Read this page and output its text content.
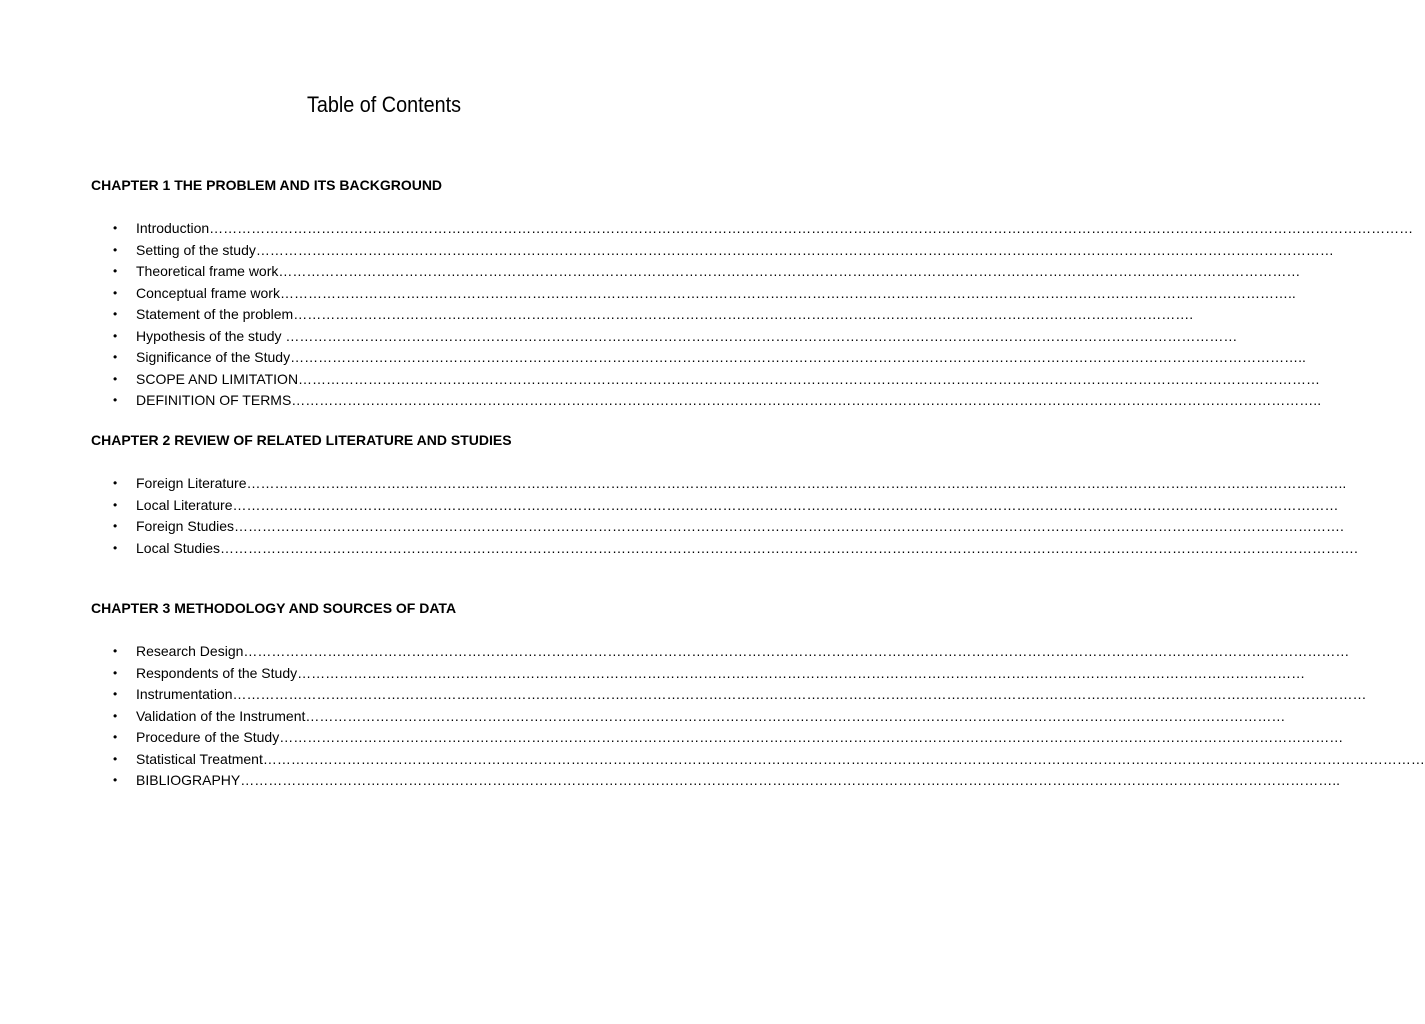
Table of Contents
CHAPTER 1 THE PROBLEM AND ITS BACKGROUND
• Introduction……………………………………………………………………………………………………………………………………………………………………………………………………………………………………
• Setting of the study……………………………………………………………………………………………………………………………………………………………………………………………………………
• Theoretical frame work…………………………………………………………………………………………………………………………………………………………………………………………………
• Conceptual frame work………………………………………………………………………………………………………………………………………………………………………………………………..
• Statement of the problem………………………………………………………………………………………………………………………………………………………………………….
• Hypothesis of the study ……………………………………………………………………………………………………………………………………………………………………………………
• Significance of the Study………………………………………………………………………………………………………………………………………………………………………………………………..
• SCOPE AND LIMITATION…………………………………………………………………………………………………………………………………………………………………………………………………
• DEFINITION OF TERMS…………………………………………………………………………………………………………………………………………………………………………………………………..
CHAPTER 2 REVIEW OF RELATED LITERATURE AND STUDIES
• Foreign Literature………………………………………………………………………………………………………………………………………………………………………………………………………………..
• Local Literature…………………………………………………………………………………………………………………………………………………………………………………………………………………
• Foreign Studies………………………………………………………………………………………………………………………………………………………………………………………………………………….
• Local Studies……………………………………………………………………………………………………………………………………………………………………………………………………………………….
CHAPTER 3 METHODOLOGY AND SOURCES OF DATA
• Research Design…………………………………………………………………………………………………………………………………………………………………………………………………………………
• Respondents of the Study………………………………………………………………………………………………………………………………………………………………………………………………
• Instrumentation………………………………………………………………………………………………………………………………………………………………………………………………………………………
• Validation of the Instrument…………………………………………………………………………………………………………………………………………………………………………………………
• Procedure of the Study…………………………………………………………………………………………………………………………………………………………………………………………………………
• Statistical Treatment……………………………………………………………………………………………………………………………………………………………………………………………………………………………
• BIBLIOGRAPHY………………………………………………………………………………………………………………………………………………………………………………………………………………..
